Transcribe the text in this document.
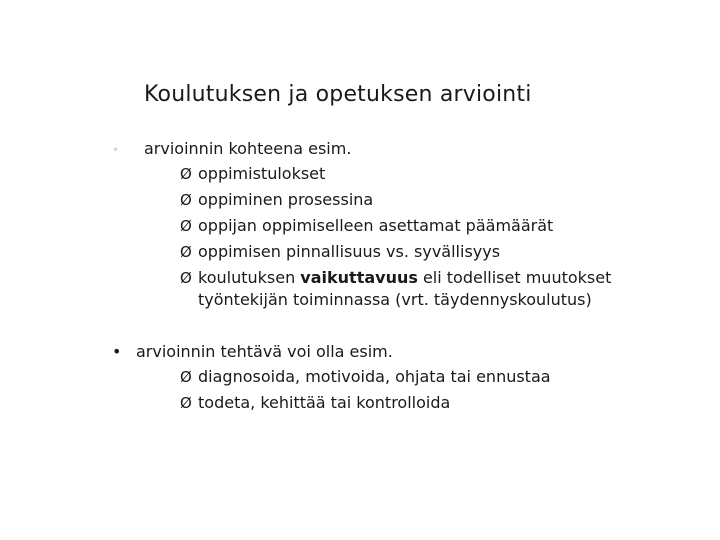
Koulutuksen ja opetuksen arviointi
• arvioinnin kohteena esim.
Ø oppimistulokset
Ø oppiminen prosessina
Ø oppijan oppimiselleen asettamat päämäärät
Ø oppimisen pinnallisuus vs. syvällisyys
Ø koulutuksen vaikuttavuus eli todelliset muutokset
työntekijän toiminnassa (vrt. täydennyskoulutus)
• arvioinnin tehtävä voi olla esim.
Ø diagnosoida, motivoida, ohjata tai ennustaa
Ø todeta, kehittää tai kontrolloida
